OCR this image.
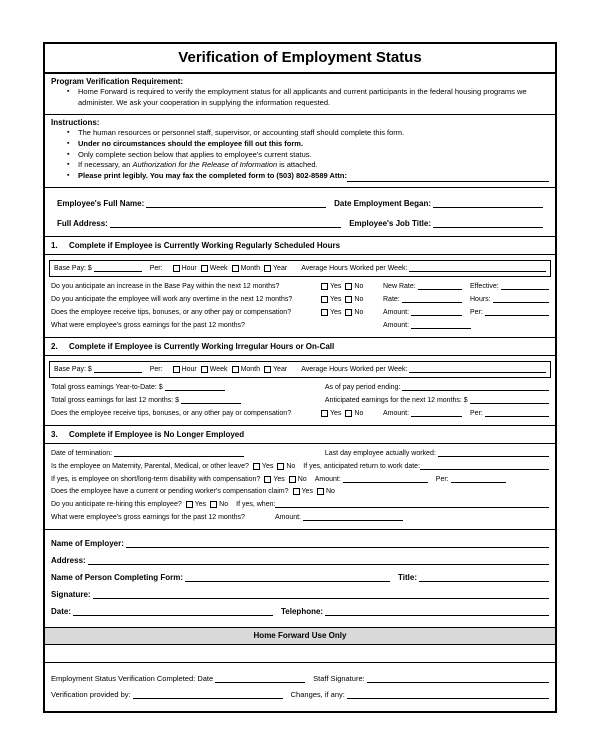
Verification of Employment Status
Program Verification Requirement:
▪ Home Forward is required to verify the employment status for all applicants and current participants in the federal housing programs we administer. We ask your cooperation in supplying the information requested.
Instructions:
▪ The human resources or personnel staff, supervisor, or accounting staff should complete this form.
▪ Under no circumstances should the employee fill out this form.
▪ Only complete section below that applies to employee's current status.
▪ If necessary, an Authorization for the Release of Information is attached.
▪ Please print legibly. You may fax the completed form to (503) 802-8589 Attn:
Employee's Full Name:	Date Employment Began:
Full Address:	Employee's Job Title:
1.	Complete if Employee is Currently Working Regularly Scheduled Hours
Base Pay: $	Per:	Hour Week Month Year Average Hours Worked per Week:
Do you anticipate an increase in the Base Pay within the next 12 months?	Yes No	New Rate:	Effective:
Do you anticipate the employee will work any overtime in the next 12 months?	Yes No	Rate:	Hours:
Does the employee receive tips, bonuses, or any other pay or compensation?	Yes No	Amount:	Per:
What were employee's gross earnings for the past 12 months?	Amount:
2.	Complete if Employee is Currently Working Irregular Hours or On-Call
Base Pay: $	Per:	Hour Week Month Year Average Hours Worked per Week:
Total gross earnings Year-to-Date: $	As of pay period ending:
Total gross earnings for last 12 months: $	Anticipated earnings for the next 12 months: $
Does the employee receive tips, bonuses, or any other pay or compensation?	Yes No	Amount:	Per:
3.	Complete if Employee is No Longer Employed
Date of termination:	Last day employee actually worked:
Is the employee on Maternity, Parental, Medical, or other leave? Yes No If yes, anticipated return to work date:
If yes, is employee on short/long-term disability with compensation? Yes No Amount:	Per:
Does the employee have a current or pending worker's compensation claim? Yes No
Do you anticipate re-hiring this employee? Yes No If yes, when:
What were employee's gross earnings for the past 12 months?	Amount:
Name of Employer:
Address:
Name of Person Completing Form:	Title:
Signature:
Date:	Telephone:
Home Forward Use Only
Employment Status Verification Completed: Date	Staff Signature:
Verification provided by:	Changes, if any:
